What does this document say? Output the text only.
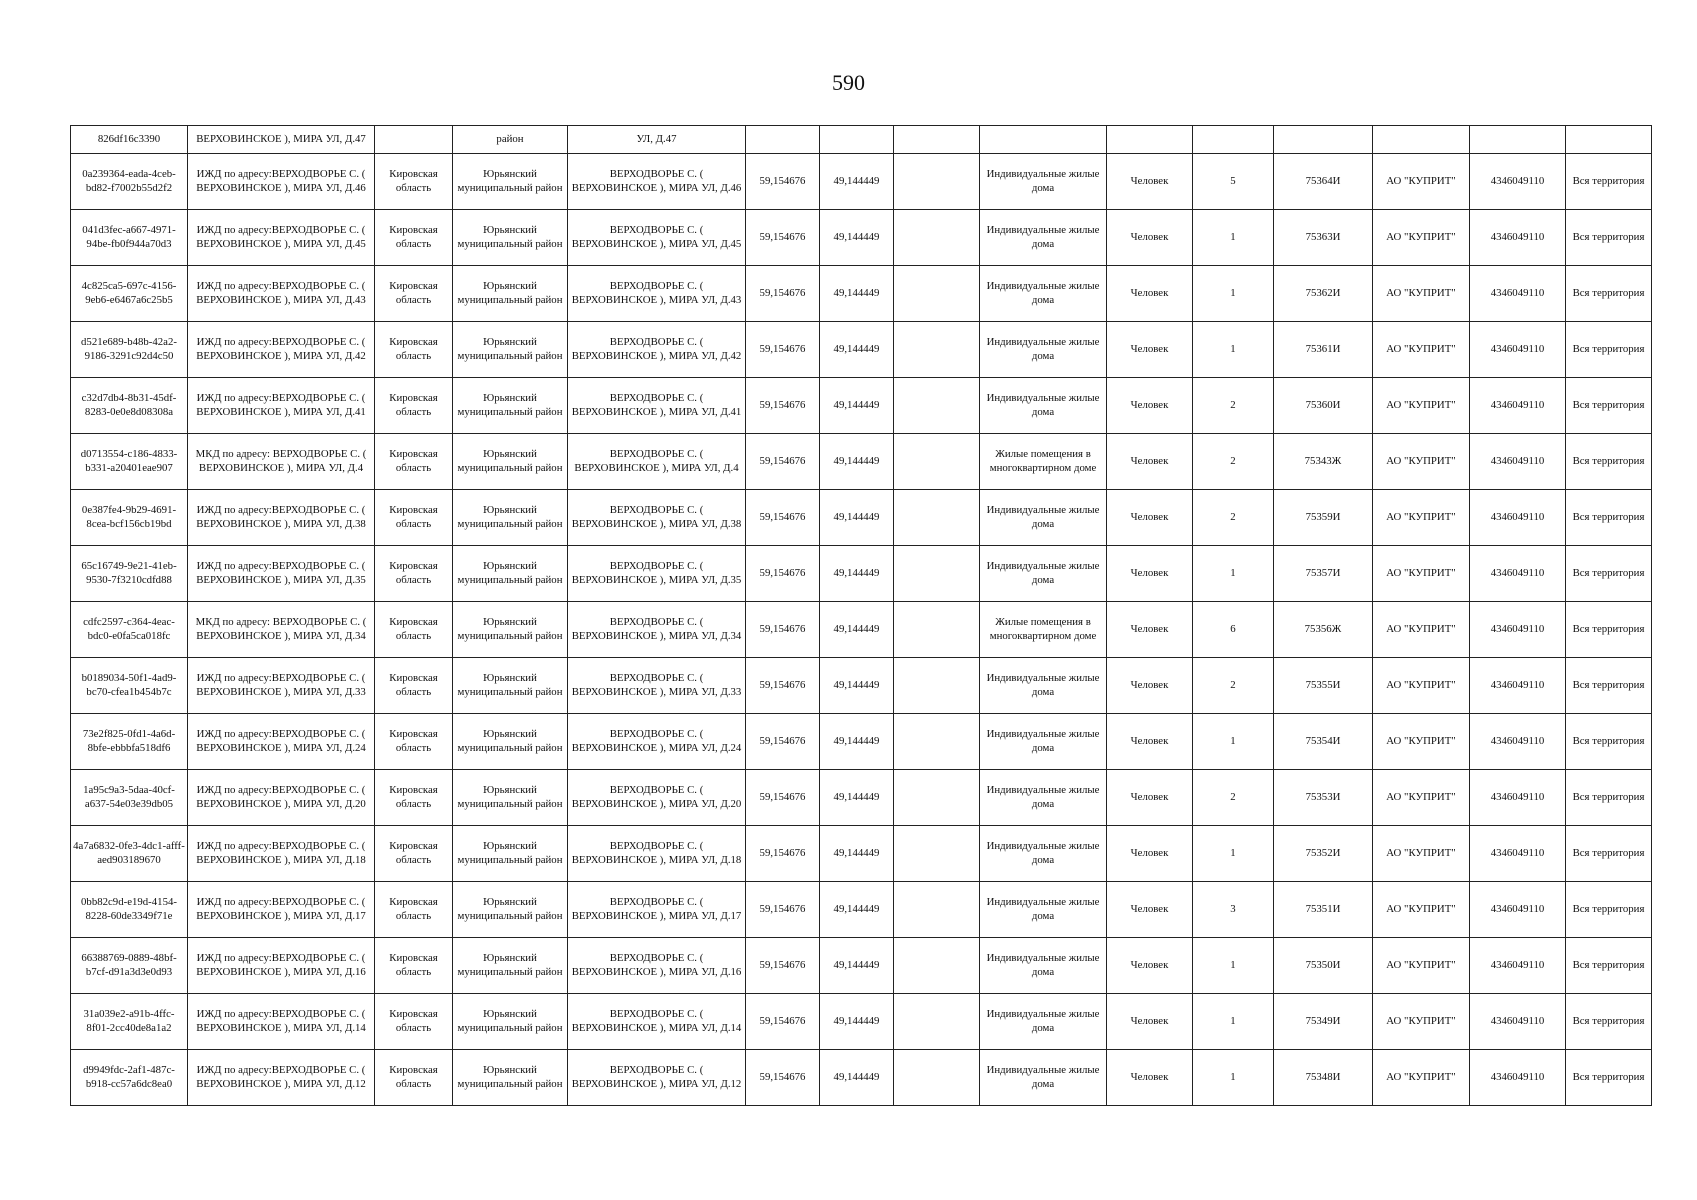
590
826df16c3390	ВЕРХОВИНСКОЕ ), МИРА УЛ, Д.47		район	УЛ, Д.47										
0a239364-eada-4ceb-bd82-f7002b55d2f2	ИЖД по адресу:ВЕРХОДВОРЬЕ С. ( ВЕРХОВИНСКОЕ ), МИРА УЛ, Д.46	Кировская область	Юрьянский муниципальный район	ВЕРХОДВОРЬЕ С. ( ВЕРХОВИНСКОЕ ), МИРА УЛ, Д.46	59,154676	49,144449		Индивидуальные жилые дома	Человек	5	75364И	АО "КУПРИТ"	4346049110	Вся территория
041d3fec-a667-4971-94be-fb0f944a70d3	ИЖД по адресу:ВЕРХОДВОРЬЕ С. ( ВЕРХОВИНСКОЕ ), МИРА УЛ, Д.45	Кировская область	Юрьянский муниципальный район	ВЕРХОДВОРЬЕ С. ( ВЕРХОВИНСКОЕ ), МИРА УЛ, Д.45	59,154676	49,144449		Индивидуальные жилые дома	Человек	1	75363И	АО "КУПРИТ"	4346049110	Вся территория
4c825ca5-697c-4156-9eb6-e6467a6c25b5	ИЖД по адресу:ВЕРХОДВОРЬЕ С. ( ВЕРХОВИНСКОЕ ), МИРА УЛ, Д.43	Кировская область	Юрьянский муниципальный район	ВЕРХОДВОРЬЕ С. ( ВЕРХОВИНСКОЕ ), МИРА УЛ, Д.43	59,154676	49,144449		Индивидуальные жилые дома	Человек	1	75362И	АО "КУПРИТ"	4346049110	Вся территория
d521e689-b48b-42a2-9186-3291c92d4c50	ИЖД по адресу:ВЕРХОДВОРЬЕ С. ( ВЕРХОВИНСКОЕ ), МИРА УЛ, Д.42	Кировская область	Юрьянский муниципальный район	ВЕРХОДВОРЬЕ С. ( ВЕРХОВИНСКОЕ ), МИРА УЛ, Д.42	59,154676	49,144449		Индивидуальные жилые дома	Человек	1	75361И	АО "КУПРИТ"	4346049110	Вся территория
c32d7db4-8b31-45df-8283-0e0e8d08308a	ИЖД по адресу:ВЕРХОДВОРЬЕ С. ( ВЕРХОВИНСКОЕ ), МИРА УЛ, Д.41	Кировская область	Юрьянский муниципальный район	ВЕРХОДВОРЬЕ С. ( ВЕРХОВИНСКОЕ ), МИРА УЛ, Д.41	59,154676	49,144449		Индивидуальные жилые дома	Человек	2	75360И	АО "КУПРИТ"	4346049110	Вся территория
d0713554-c186-4833-b331-a20401eae907	МКД по адресу: ВЕРХОДВОРЬЕ С. ( ВЕРХОВИНСКОЕ ), МИРА УЛ, Д.4	Кировская область	Юрьянский муниципальный район	ВЕРХОДВОРЬЕ С. ( ВЕРХОВИНСКОЕ ), МИРА УЛ, Д.4	59,154676	49,144449		Жилые помещения в многоквартирном доме	Человек	2	75343Ж	АО "КУПРИТ"	4346049110	Вся территория
0e387fe4-9b29-4691-8cea-bcf156cb19bd	ИЖД по адресу:ВЕРХОДВОРЬЕ С. ( ВЕРХОВИНСКОЕ ), МИРА УЛ, Д.38	Кировская область	Юрьянский муниципальный район	ВЕРХОДВОРЬЕ С. ( ВЕРХОВИНСКОЕ ), МИРА УЛ, Д.38	59,154676	49,144449		Индивидуальные жилые дома	Человек	2	75359И	АО "КУПРИТ"	4346049110	Вся территория
65c16749-9e21-41eb-9530-7f3210cdfd88	ИЖД по адресу:ВЕРХОДВОРЬЕ С. ( ВЕРХОВИНСКОЕ ), МИРА УЛ, Д.35	Кировская область	Юрьянский муниципальный район	ВЕРХОДВОРЬЕ С. ( ВЕРХОВИНСКОЕ ), МИРА УЛ, Д.35	59,154676	49,144449		Индивидуальные жилые дома	Человек	1	75357И	АО "КУПРИТ"	4346049110	Вся территория
cdfc2597-c364-4eac-bdc0-e0fa5ca018fc	МКД по адресу: ВЕРХОДВОРЬЕ С. ( ВЕРХОВИНСКОЕ ), МИРА УЛ, Д.34	Кировская область	Юрьянский муниципальный район	ВЕРХОДВОРЬЕ С. ( ВЕРХОВИНСКОЕ ), МИРА УЛ, Д.34	59,154676	49,144449		Жилые помещения в многоквартирном доме	Человек	6	75356Ж	АО "КУПРИТ"	4346049110	Вся территория
b0189034-50f1-4ad9-bc70-cfea1b454b7c	ИЖД по адресу:ВЕРХОДВОРЬЕ С. ( ВЕРХОВИНСКОЕ ), МИРА УЛ, Д.33	Кировская область	Юрьянский муниципальный район	ВЕРХОДВОРЬЕ С. ( ВЕРХОВИНСКОЕ ), МИРА УЛ, Д.33	59,154676	49,144449		Индивидуальные жилые дома	Человек	2	75355И	АО "КУПРИТ"	4346049110	Вся территория
73e2f825-0fd1-4a6d-8bfe-ebbbfa518df6	ИЖД по адресу:ВЕРХОДВОРЬЕ С. ( ВЕРХОВИНСКОЕ ), МИРА УЛ, Д.24	Кировская область	Юрьянский муниципальный район	ВЕРХОДВОРЬЕ С. ( ВЕРХОВИНСКОЕ ), МИРА УЛ, Д.24	59,154676	49,144449		Индивидуальные жилые дома	Человек	1	75354И	АО "КУПРИТ"	4346049110	Вся территория
1a95c9a3-5daa-40cf-a637-54e03e39db05	ИЖД по адресу:ВЕРХОДВОРЬЕ С. ( ВЕРХОВИНСКОЕ ), МИРА УЛ, Д.20	Кировская область	Юрьянский муниципальный район	ВЕРХОДВОРЬЕ С. ( ВЕРХОВИНСКОЕ ), МИРА УЛ, Д.20	59,154676	49,144449		Индивидуальные жилые дома	Человек	2	75353И	АО "КУПРИТ"	4346049110	Вся территория
4a7a6832-0fe3-4dc1-afff-aed903189670	ИЖД по адресу:ВЕРХОДВОРЬЕ С. ( ВЕРХОВИНСКОЕ ), МИРА УЛ, Д.18	Кировская область	Юрьянский муниципальный район	ВЕРХОДВОРЬЕ С. ( ВЕРХОВИНСКОЕ ), МИРА УЛ, Д.18	59,154676	49,144449		Индивидуальные жилые дома	Человек	1	75352И	АО "КУПРИТ"	4346049110	Вся территория
0bb82c9d-e19d-4154-8228-60de3349f71e	ИЖД по адресу:ВЕРХОДВОРЬЕ С. ( ВЕРХОВИНСКОЕ ), МИРА УЛ, Д.17	Кировская область	Юрьянский муниципальный район	ВЕРХОДВОРЬЕ С. ( ВЕРХОВИНСКОЕ ), МИРА УЛ, Д.17	59,154676	49,144449		Индивидуальные жилые дома	Человек	3	75351И	АО "КУПРИТ"	4346049110	Вся территория
66388769-0889-48bf-b7cf-d91a3d3e0d93	ИЖД по адресу:ВЕРХОДВОРЬЕ С. ( ВЕРХОВИНСКОЕ ), МИРА УЛ, Д.16	Кировская область	Юрьянский муниципальный район	ВЕРХОДВОРЬЕ С. ( ВЕРХОВИНСКОЕ ), МИРА УЛ, Д.16	59,154676	49,144449		Индивидуальные жилые дома	Человек	1	75350И	АО "КУПРИТ"	4346049110	Вся территория
31a039e2-a91b-4ffc-8f01-2cc40de8a1a2	ИЖД по адресу:ВЕРХОДВОРЬЕ С. ( ВЕРХОВИНСКОЕ ), МИРА УЛ, Д.14	Кировская область	Юрьянский муниципальный район	ВЕРХОДВОРЬЕ С. ( ВЕРХОВИНСКОЕ ), МИРА УЛ, Д.14	59,154676	49,144449		Индивидуальные жилые дома	Человек	1	75349И	АО "КУПРИТ"	4346049110	Вся территория
d9949fdc-2af1-487c-b918-cc57a6dc8ea0	ИЖД по адресу:ВЕРХОДВОРЬЕ С. ( ВЕРХОВИНСКОЕ ), МИРА УЛ, Д.12	Кировская область	Юрьянский муниципальный район	ВЕРХОДВОРЬЕ С. ( ВЕРХОВИНСКОЕ ), МИРА УЛ, Д.12	59,154676	49,144449		Индивидуальные жилые дома	Человек	1	75348И	АО "КУПРИТ"	4346049110	Вся территория
